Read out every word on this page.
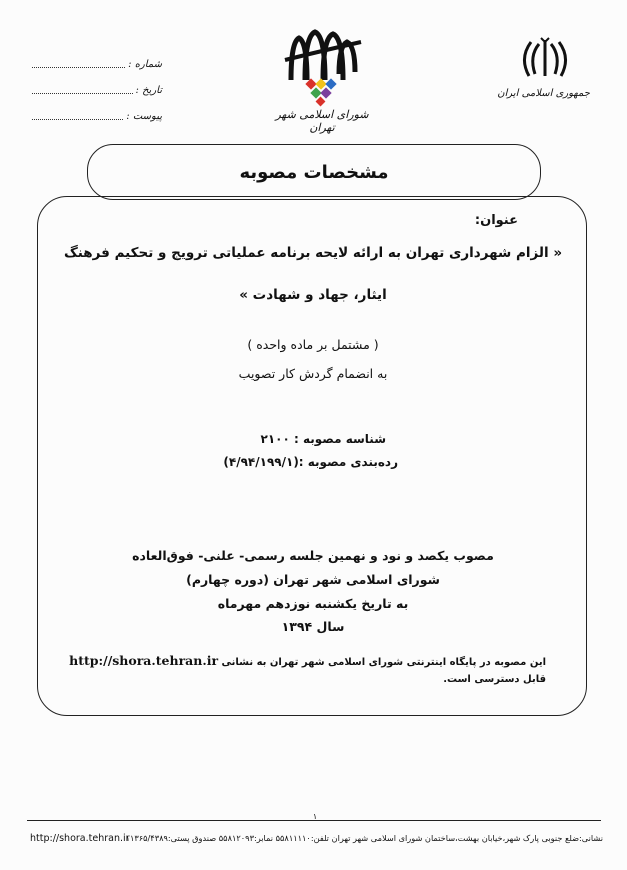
شماره :
تاریخ :
پیوست :	شورای اسلامی شهر تهران
جمهوری اسلامی ایران
مشخصات مصوبه
عنوان:
« الزام شهرداری تهران به ارائه لایحه برنامه عملیاتی ترویج و تحکیم فرهنگ
ایثار، جهاد و شهادت »
( مشتمل بر ماده واحده )
به انضمام گردش کار تصویب
شناسه مصوبه : ۲۱۰۰
رده‌بندی مصوبه :(۴/۹۴/۱۹۹/۱)
مصوب یکصد و نود و نهمین جلسه رسمی- علنی- فوق‌العاده
شورای اسلامی شهر تهران (دوره چهارم)
به تاریخ یکشنبه نوزدهم مهرماه
سال ۱۳۹۴
این مصوبه در پایگاه اینترنتی شورای اسلامی شهر تهران به نشانی http://shora.tehran.ir
قابل دسترسی است.
۱
http://shora.tehran.ir
نشانی:ضلع جنوبی پارک شهر،خیابان بهشت،ساختمان شورای اسلامی شهر تهران تلفن:۵۵۸۱۱۱۱۰ نمابر:۵۵۸۱۲۰۹۳ صندوق پستی:۱۱۳۶۵/۴۳۸۹
